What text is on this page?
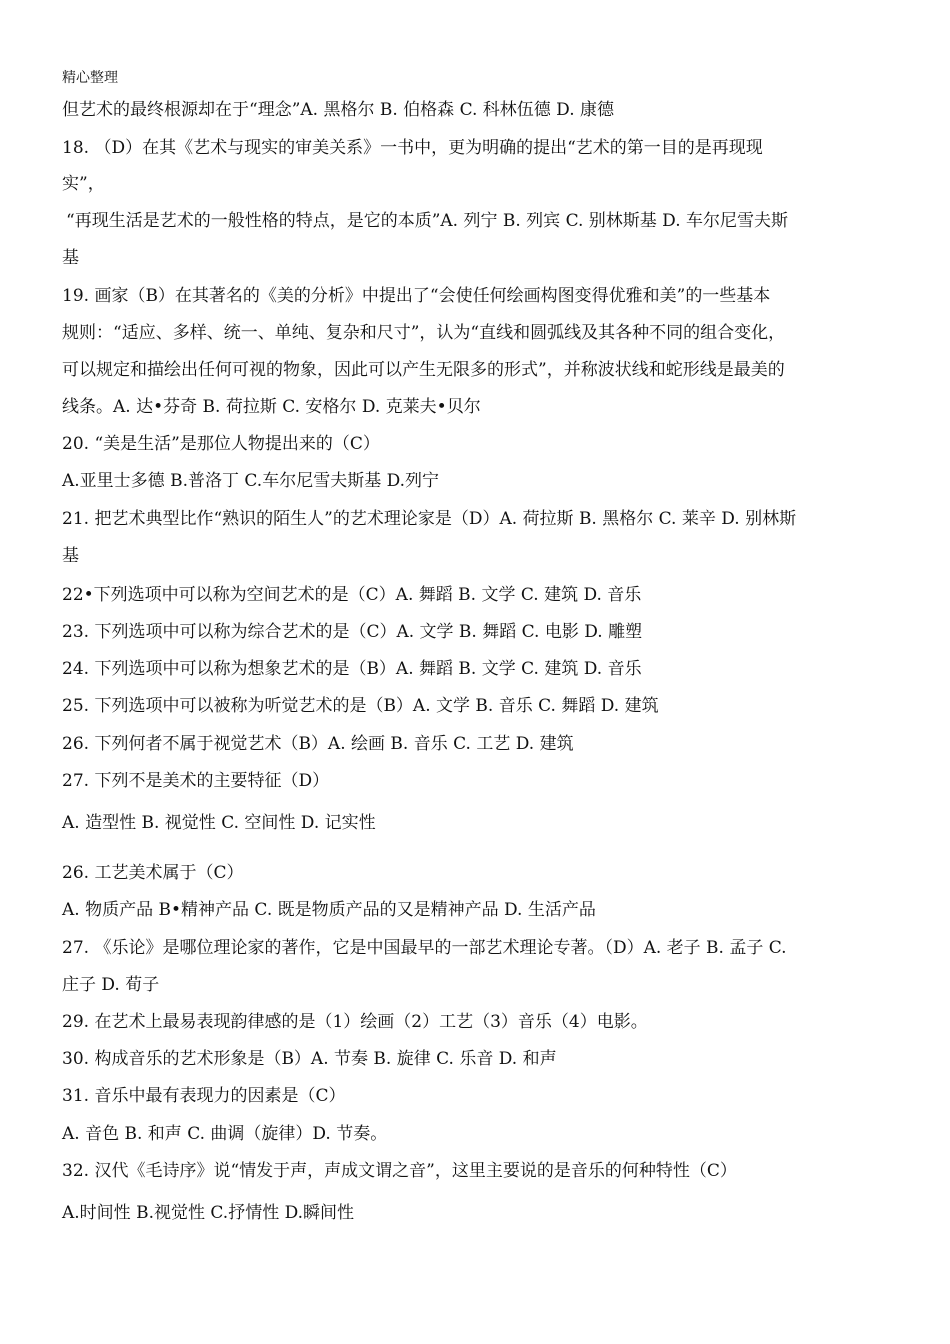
精心整理
但艺术的最终根源却在于“理念”A. 黑格尔 B. 伯格森 C. 科林伍德 D. 康德
18. （D）在其《艺术与现实的审美关系》一书中，更为明确的提出“艺术的第一目的是再现现
实”，
“再现生活是艺术的一般性格的特点，是它的本质”A. 列宁 B. 列宾 C. 别林斯基 D. 车尔尼雪夫斯
基
19. 画家（B）在其著名的《美的分析》中提出了“会使任何绘画构图变得优雅和美”的一些基本
规则：“适应、多样、统一、单纯、复杂和尺寸”，认为“直线和圆弧线及其各种不同的组合变化，
可以规定和描绘出任何可视的物象，因此可以产生无限多的形式”，并称波状线和蛇形线是最美的
线条。A. 达•芬奇 B. 荷拉斯 C. 安格尔 D. 克莱夫•贝尔
20. “美是生活”是那位人物提出来的（C）
A.亚里士多德 B.普洛丁 C.车尔尼雪夫斯基 D.列宁
21. 把艺术典型比作“熟识的陌生人”的艺术理论家是（D）A. 荷拉斯 B. 黑格尔 C. 莱辛 D. 别林斯
基
22•下列选项中可以称为空间艺术的是（C）A. 舞蹈 B. 文学 C. 建筑 D. 音乐
23. 下列选项中可以称为综合艺术的是（C）A. 文学 B. 舞蹈 C. 电影 D. 雕塑
24. 下列选项中可以称为想象艺术的是（B）A. 舞蹈 B. 文学 C. 建筑 D. 音乐
25. 下列选项中可以被称为听觉艺术的是（B）A. 文学 B. 音乐 C. 舞蹈 D. 建筑
26. 下列何者不属于视觉艺术（B）A. 绘画 B. 音乐 C. 工艺 D. 建筑
27. 下列不是美术的主要特征（D）
A. 造型性 B. 视觉性 C. 空间性 D. 记实性
26. 工艺美术属于（C）
A. 物质产品 B•精神产品 C. 既是物质产品的又是精神产品 D. 生活产品
27. 《乐论》是哪位理论家的著作，它是中国最早的一部艺术理论专著。（D）A. 老子 B. 孟子 C.
庄子 D. 荀子
29. 在艺术上最易表现韵律感的是（1）绘画（2）工艺（3）音乐（4）电影。
30. 构成音乐的艺术形象是（B）A. 节奏 B. 旋律 C. 乐音 D. 和声
31. 音乐中最有表现力的因素是（C）
A. 音色 B. 和声 C. 曲调（旋律）D. 节奏。
32. 汉代《毛诗序》说“情发于声，声成文谓之音”，这里主要说的是音乐的何种特性（C）
A.时间性 B.视觉性 C.抒情性 D.瞬间性
